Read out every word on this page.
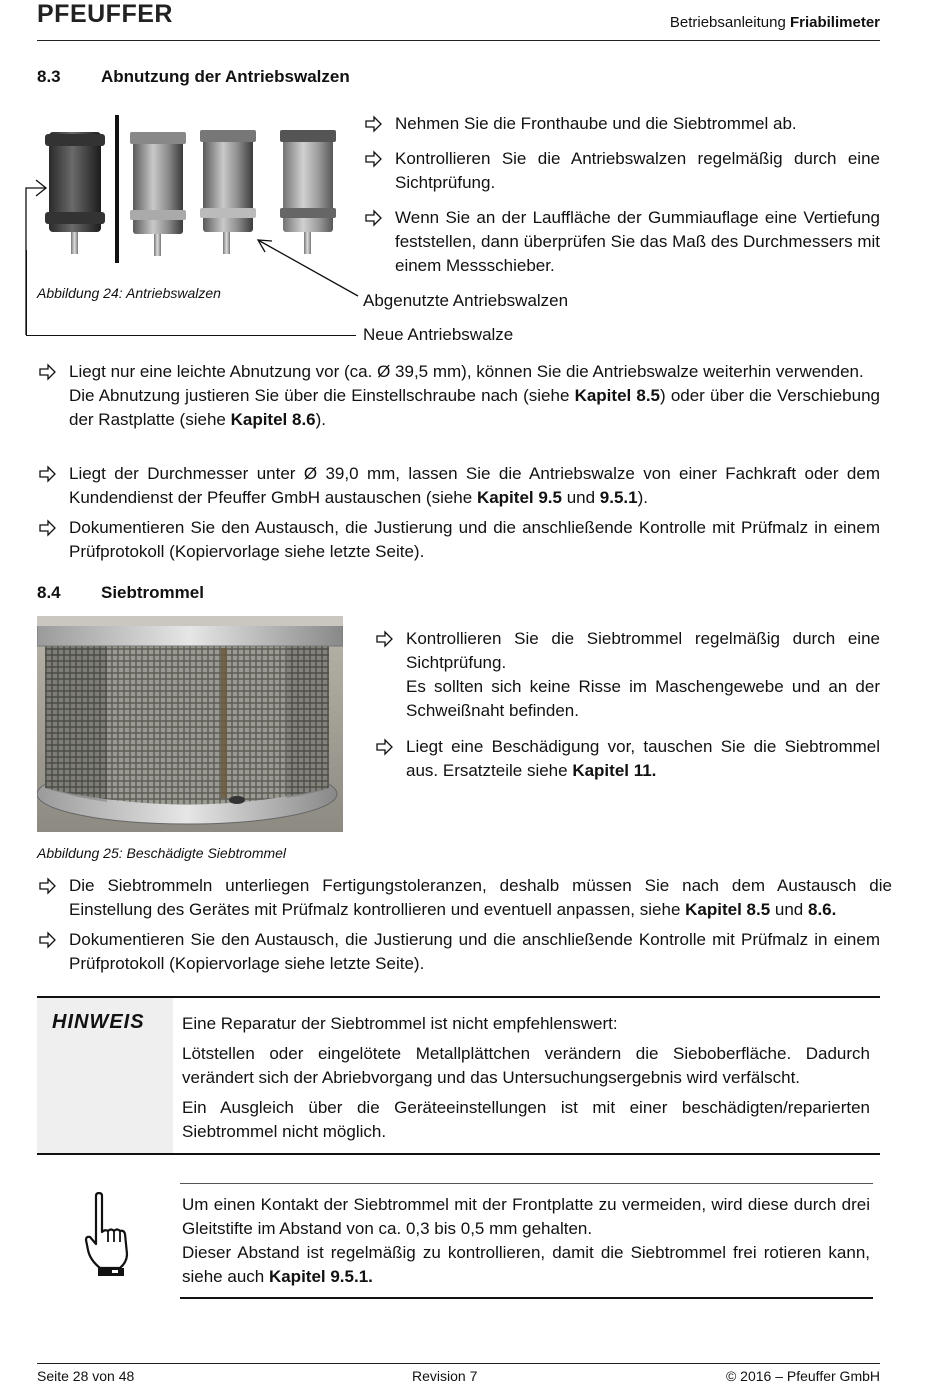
PFEUFFER	Betriebsanleitung Friabilimeter
8.3 Abnutzung der Antriebswalzen
Abbildung 24: Antriebswalzen	Abgenutzte Antriebswalzen
Neue Antriebswalze
Nehmen Sie die Fronthaube und die Siebtrommel ab.
Kontrollieren Sie die Antriebswalzen regelmäßig durch eine Sichtprüfung.
Wenn Sie an der Lauffläche der Gummiauflage eine Vertiefung feststellen, dann überprüfen Sie das Maß des Durchmessers mit einem Messschieber.
Liegt nur eine leichte Abnutzung vor (ca. Ø 39,5 mm), können Sie die Antriebswalze weiterhin verwenden.
Die Abnutzung justieren Sie über die Einstellschraube nach (siehe Kapitel 8.5) oder über die Verschiebung der Rastplatte (siehe Kapitel 8.6).
Liegt der Durchmesser unter Ø 39,0 mm, lassen Sie die Antriebswalze von einer Fachkraft oder dem Kundendienst der Pfeuffer GmbH austauschen (siehe Kapitel 9.5 und 9.5.1).
Dokumentieren Sie den Austausch, die Justierung und die anschließende Kontrolle mit Prüfmalz in einem Prüfprotokoll (Kopiervorlage siehe letzte Seite).
8.4 Siebtrommel
Abbildung 25: Beschädigte Siebtrommel
Kontrollieren Sie die Siebtrommel regelmäßig durch eine Sichtprüfung.
Es sollten sich keine Risse im Maschengewebe und an der Schweißnaht befinden.
Liegt eine Beschädigung vor, tauschen Sie die Siebtrommel aus. Ersatzteile siehe Kapitel 11.
Die Siebtrommeln unterliegen Fertigungstoleranzen, deshalb müssen Sie nach dem Austausch die Einstellung des Gerätes mit Prüfmalz kontrollieren und eventuell anpassen, siehe Kapitel 8.5 und 8.6.
Dokumentieren Sie den Austausch, die Justierung und die anschließende Kontrolle mit Prüfmalz in einem Prüfprotokoll (Kopiervorlage siehe letzte Seite).
HINWEIS Eine Reparatur der Siebtrommel ist nicht empfehlenswert:

Lötstellen oder eingelötete Metallplättchen verändern die Sieboberfläche. Dadurch verändert sich der Abriebvorgang und das Untersuchungsergebnis wird verfälscht.

Ein Ausgleich über die Geräteeinstellungen ist mit einer beschädigten/reparierten Siebtrommel nicht möglich.

Um einen Kontakt der Siebtrommel mit der Frontplatte zu vermeiden, wird diese durch drei Gleitstifte im Abstand von ca. 0,3 bis 0,5 mm gehalten.

Dieser Abstand ist regelmäßig zu kontrollieren, damit die Siebtrommel frei rotieren kann, siehe auch Kapitel 9.5.1.

Seite 28 von 48	Revision 7	© 2016 – Pfeuffer GmbH
